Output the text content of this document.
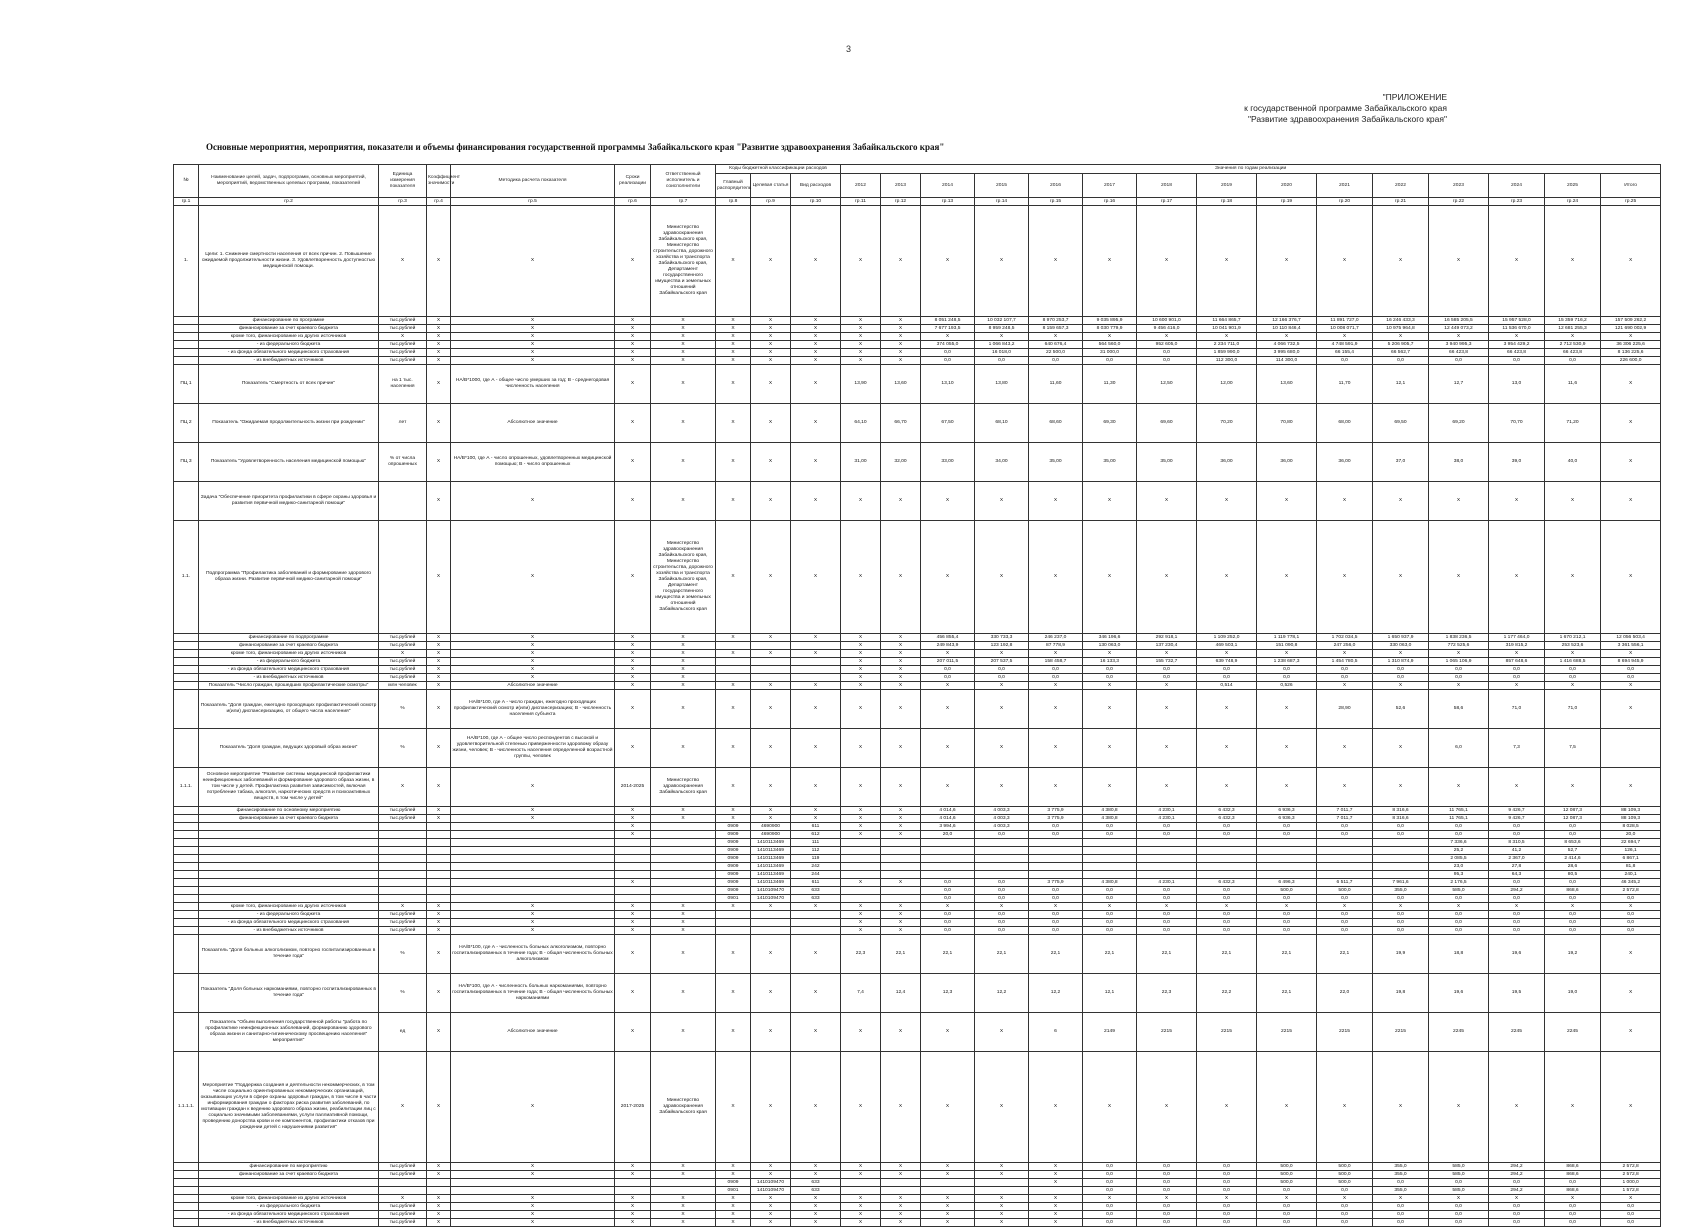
3
"ПРИЛОЖЕНИЕ
к государственной программе Забайкальского края
"Развитие здравоохранения Забайкальского края"
Основные мероприятия, мероприятия, показатели и объемы финансирования государственной программы Забайкальского края "Развитие здравоохранения Забайкальского края"
№	Наименование целей, задач, подпрограмм, основных мероприятий, мероприятий, ведомственных целевых программ, показателей	Единица измерения показателя	Коэффициент значимости	Методика расчета показателя	Сроки реализации	Ответственный исполнитель и соисполнители	Коды бюджетной классификации расходов			Значения по годам реализации														
							Главный распорядитель	Целевая статья	Вид расходов	2012	2013	2014	2015	2016	2017	2018	2019	2020	2021	2022	2023	2024	2025	Итого
гр.1	гр.2	гр.3	гр.4	гр.5	гр.6	гр.7	гр.8	гр.9	гр.10	гр.11	гр.12	гр.13	гр.14	гр.15	гр.16	гр.17	гр.18	гр.19	гр.20	гр.21	гр.22	гр.23	гр.24	гр.25
1.	Цели: 1. Снижение смертности населения от всех причин. 2. Повышение ожидаемой продолжительности жизни. 3. Удовлетворенность доступностью медицинской помощи.	X	X	X	X	Министерство здравоохранения Забайкальского края, Министерство строительства, дорожного хозяйства и транспорта Забайкальского края, Департамент государственного имущества и земельных отношений Забайкальского края	X	X	X	X	X	X	X	X	X	X	X	X	X	X	X	X	X	X
	финансирование по программе	тыс.рублей	X	X	X	X	X	X	X	X	X	8 051 248,5	10 032 107,7	8 970 253,7	9 035 895,9	10 600 901,0	11 664 865,7	12 166 376,7	11 891 727,0	16 246 433,3	16 585 205,5	15 957 528,0	15 359 716,2	157 509 262,2
	финансирование за счет краевого бюджета	тыс.рублей	X	X	X	X	X	X	X	X	X	7 677 193,5	8 959 248,5	8 159 657,3	8 030 779,9	9 456 416,0	10 041 901,9	10 110 846,4	10 008 071,7	10 975 964,8	12 449 073,2	11 536 670,0	12 681 255,3	121 690 002,9
	кроме того, финансирование из других источников	X	X	X	X	X	X	X	X	X	X	X	X	X	X	X	X	X	X	X	X	X	X	X
	- из федерального бюджета	тыс.рублей	X	X	X	X	X	X	X	X	X	374 055,0	1 066 843,2	640 676,4	564 560,0	952 605,0	2 234 711,0	4 066 732,5	4 748 591,9	5 206 905,7	3 940 995,3	3 954 429,2	2 712 530,9	36 306 225,6
	- из фонда обязательного медицинского страхования	тыс.рублей	X	X	X	X	X	X	X	X	X	0,0	16 018,0	22 500,0	31 000,0	0,0	1 859 990,0	3 995 680,0	66 155,4	66 562,7	66 423,8	66 423,8	66 423,8	8 136 225,6
	- из внебюджетных источников	тыс.рублей	X	X	X	X	X	X	X	X	X	0,0	0,0	0,0	0,0	0,0	112 300,0	114 300,0	0,0	0,0	0,0	0,0	0,0	226 600,0
ПЦ 1	Показатель "Смертность от всех причин"	на 1 тыс. населения	X	НА/В*1000, где А - общее число умерших за год; В - среднегодовая численность населения	X	X	X	X	X	13,90	13,60	13,10	13,80	11,60	11,30	12,50	12,00	13,60	11,70	12,1	12,7	13,0	11,6	X
ПЦ 2	Показатель "Ожидаемая продолжительность жизни при рождении"	лет	X	Абсолютное значение	X	X	X	X	X	64,10	66,70	67,50	68,10	68,60	69,30	69,60	70,20	70,80	68,00	69,50	69,20	70,70	71,20	X
ПЦ 3	Показатель "Удовлетворенность населения медицинской помощью"	% от числа опрошенных	X	НА/В*100, где А - число опрошенных, удовлетворенных медицинской помощью; В - число опрошенных	X	X	X	X	X	31,00	32,00	33,00	34,00	35,00	35,00	35,00	36,00	36,00	36,00	37,0	38,0	39,0	40,0	X
	Задача "Обеспечение приоритета профилактики в сфере охраны здоровья и развития первичной медико-санитарной помощи"		X	X	X	X	X	X	X	X	X	X	X	X	X	X	X	X	X	X	X	X	X	X
1.1.	Подпрограмма "Профилактика заболеваний и формирование здорового образа жизни. Развитие первичной медико-санитарной помощи"		X	X	X	Министерство здравоохранения Забайкальского края, Министерство строительства, дорожного хозяйства и транспорта Забайкальского края, Департамент государственного имущества и земельных отношений Забайкальского края	X	X	X	X	X	X	X	X	X	X	X	X	X	X	X	X	X	X
	финансирование по подпрограмме	тыс.рублей	X	X	X	X	X	X	X	X	X	456 855,4	330 733,3	246 237,0	346 196,6	292 918,1	1 109 252,0	1 119 778,1	1 702 034,5	1 650 937,9	1 838 236,5	1 177 464,0	1 670 212,1	12 056 503,4
	финансирование за счет краевого бюджета	тыс.рублей	X	X	X	X				X	X	249 843,9	123 192,8	87 778,9	130 063,0	137 230,4	469 503,1	151 090,8	247 256,0	330 063,0	772 525,6	319 815,2	253 523,6	3 361 556,1
	кроме того, финансирование из других источников	X	X	X	X	X	X	X	X	X	X	X	X	X	X	X	X	X	X	X	X	X	X	X
	- из федерального бюджета	тыс.рублей	X	X	X	X				X	X	207 011,5	207 537,5	158 458,7	16 133,3	155 732,7	639 748,9	1 238 687,3	1 454 780,5	1 310 874,9	1 065 106,9	857 648,6	1 416 688,5	8 694 945,9
	- из фонда обязательного медицинского страхования	тыс.рублей	X	X	X	X				X	X	0,0	0,0	0,0	0,0	0,0	0,0	0,0	0,0	0,0	0,0	0,0	0,0	0,0
	- из внебюджетных источников	тыс.рублей	X	X	X	X				X	X	0,0	0,0	0,0	0,0	0,0	0,0	0,0	0,0	0,0	0,0	0,0	0,0	0,0
	Показатель "Число граждан, прошедших профилактические осмотры"	млн человек	X	Абсолютное значение	X	X	X	X	X	X	X	X	X	X	X	X	0,514	0,526	X	X	X	X	X	X
	Показатель "Доля граждан, ежегодно проходящих профилактический осмотр и(или) диспансеризацию, от общего числа населения"	%	X	НА/В*100, где А - число граждан, ежегодно проходящих профилактический осмотр и(или) диспансеризацию; В - численность населения субъекта	X	X	X	X	X	X	X	X	X	X	X	X	X	X	28,90	52,6	58,6	71,0	71,0	X
	Показатель "Доля граждан, ведущих здоровый образ жизни"	%	X	НА/В*100, где А - общее число респондентов с высокой и удовлетворительной степенью приверженности здоровому образу жизни, человек; В - численность населения определенной возрастной группы, человек	X	X	X	X	X	X	X	X	X	X	X	X	X	X	X	X	6,0	7,3	7,5	
1.1.1.	Основное мероприятие "Развитие системы медицинской профилактики неинфекционных заболеваний и формирование здорового образа жизни, в том числе у детей. Профилактика развития зависимостей, включая потребление табака, алкоголя, наркотических средств и психоактивных веществ, в том числе у детей"	X	X	X	2014-2025	Министерство здравоохранения Забайкальского края	X	X	X	X	X	X	X	X	X	X	X	X	X	X	X	X	X	X
	финансирование по основному мероприятию	тыс.рублей	X	X	X	X	X	X	X	X	X	4 014,6	4 003,3	3 775,9	4 380,8	4 230,1	6 432,3	6 936,3	7 011,7	8 316,6	11 765,1	9 426,7	12 087,3	88 109,3
	финансирование за счет краевого бюджета	тыс.рублей	X	X	X	X	X	X	X	X	X	4 014,6	4 003,3	3 775,9	4 380,8	4 230,1	6 432,3	6 936,3	7 011,7	8 316,6	11 765,1	9 426,7	12 087,3	88 109,3
					X		0909	4690900	611	X	X	3 994,6	4 003,3	0,0	0,0	0,0	0,0	0,0	0,0	0,0	0,0	0,0	0,0	8 028,5
					X		0909	4690900	612	X	X	20,0	0,0	0,0	0,0	0,0	0,0	0,0	0,0	0,0	0,0	0,0	0,0	20,0
							0909	1410113469	111												7 336,6	8 310,5	8 653,6	22 694,7
							0909	1410113469	112												25,2	41,2	52,7	126,1
							0909	1410113469	119												2 085,5	2 367,0	2 414,6	6 867,1
							0909	1410113469	242												23,0	27,8	28,6	81,8
							0909	1410113469	244												95,3	64,3	80,5	240,1
					X		0909	1410113469	611	X	X	0,0	0,0	3 775,9	4 380,8	4 230,1	6 432,3	6 496,3	6 511,7	7 961,6	2 176,5	0,0	0,0	46 345,2
							0909	1410109470	633			0,0	0,0	0,0	0,0	0,0	0,0	500,0	500,0	355,0	585,0	294,2	868,6	2 572,8
							0901	1410109470	633			0,0	0,0	0,0	0,0	0,0	0,0	0,0	0,0	0,0	0,0	0,0	0,0	0,0
	кроме того, финансирование из других источников	X	X	X	X	X	X	X	X	X	X	X	X	X	X	X	X	X	X	X	X	X	X	X
	- из федерального бюджета	тыс.рублей	X	X	X	X				X	X	0,0	0,0	0,0	0,0	0,0	0,0	0,0	0,0	0,0	0,0	0,0	0,0	0,0
	- из фонда обязательного медицинского страхования	тыс.рублей	X	X	X	X				X	X	0,0	0,0	0,0	0,0	0,0	0,0	0,0	0,0	0,0	0,0	0,0	0,0	0,0
	- из внебюджетных источников	тыс.рублей	X	X	X	X				X	X	0,0	0,0	0,0	0,0	0,0	0,0	0,0	0,0	0,0	0,0	0,0	0,0	0,0
	Показатель "Доля больных алкоголизмом, повторно госпитализированных в течение года"	%	X	НА/В*100, где А - численность больных алкоголизмом, повторно госпитализированных в течение года; В - общая численность больных алкоголизмом	X	X	X	X	X	22,3	22,1	22,1	22,1	22,1	22,1	22,1	22,1	22,1	22,1	19,9	18,8	19,6	19,2	X
	Показатель "Доля больных наркоманиями, повторно госпитализированных в течение года"	%	X	НА/В*100, где А - численность больных наркоманиями, повторно госпитализированных в течение года; В - общая численность больных наркоманиями	X	X	X	X	X	7,4	12,4	12,3	12,2	12,2	12,1	22,3	22,2	22,1	22,0	19,8	19,6	19,5	19,0	X
	Показатель "Объем выполнения государственной работы "работа по профилактике неинфекционных заболеваний, формированию здорового образа жизни и санитарно-гигиеническому просвещению населения" мероприятия"	ед	X	Абсолютное значение	X	X	X	X	X	X	X	X	X	6	2149	2215	2215	2215	2215	2215	2245	2245	2245	X
1.1.1.1.	Мероприятие "Поддержка создания и деятельности некоммерческих, в том числе социально ориентированных некоммерческих организаций, оказывающих услуги в сфере охраны здоровья граждан, в том числе в части информирования граждан о факторах риска развития заболеваний, по мотивации граждан к ведению здорового образа жизни, реабилитации лиц с социально значимыми заболеваниями, услуги паллиативной помощи, проведению донорства крови и ее компонентов, профилактики отказов при рождении детей с нарушениями развития"	X	X	X	2017-2025	Министерство здравоохранения Забайкальского края	X	X	X	X	X	X	X	X	X	X	X	X	X	X	X	X	X	X
	финансирование по мероприятию	тыс.рублей	X	X	X	X	X	X	X	X	X	X	X	X	0,0	0,0	0,0	500,0	500,0	355,0	585,0	294,2	868,6	2 572,8
	финансирование за счет краевого бюджета	тыс.рублей	X	X	X	X	X	X	X	X	X	X	X	X	0,0	0,0	0,0	500,0	500,0	355,0	585,0	294,2	868,6	2 572,8
							0909	1410109470	633					X	0,0	0,0	0,0	500,0	500,0	0,0	0,0	0,0	0,0	1 000,0
							0901	1410109470	633						0,0	0,0	0,0	0,0	0,0	355,0	585,0	294,2	868,6	1 572,8
	кроме того, финансирование из других источников	X	X	X	X	X	X	X	X	X	X	X	X	X	X	X	X	X	X	X	X	X	X	X
	- из федерального бюджета	тыс.рублей	X	X	X	X	X	X	X	X	X	X	X	X	0,0	0,0	0,0	0,0	0,0	0,0	0,0	0,0	0,0	0,0
	- из фонда обязательного медицинского страхования	тыс.рублей	X	X	X	X	X	X	X	X	X	X	X	X	0,0	0,0	0,0	0,0	0,0	0,0	0,0	0,0	0,0	0,0
	- из внебюджетных источников	тыс.рублей	X	X	X	X	X	X	X	X	X	X	X	X	0,0	0,0	0,0	0,0	0,0	0,0	0,0	0,0	0,0	0,0
